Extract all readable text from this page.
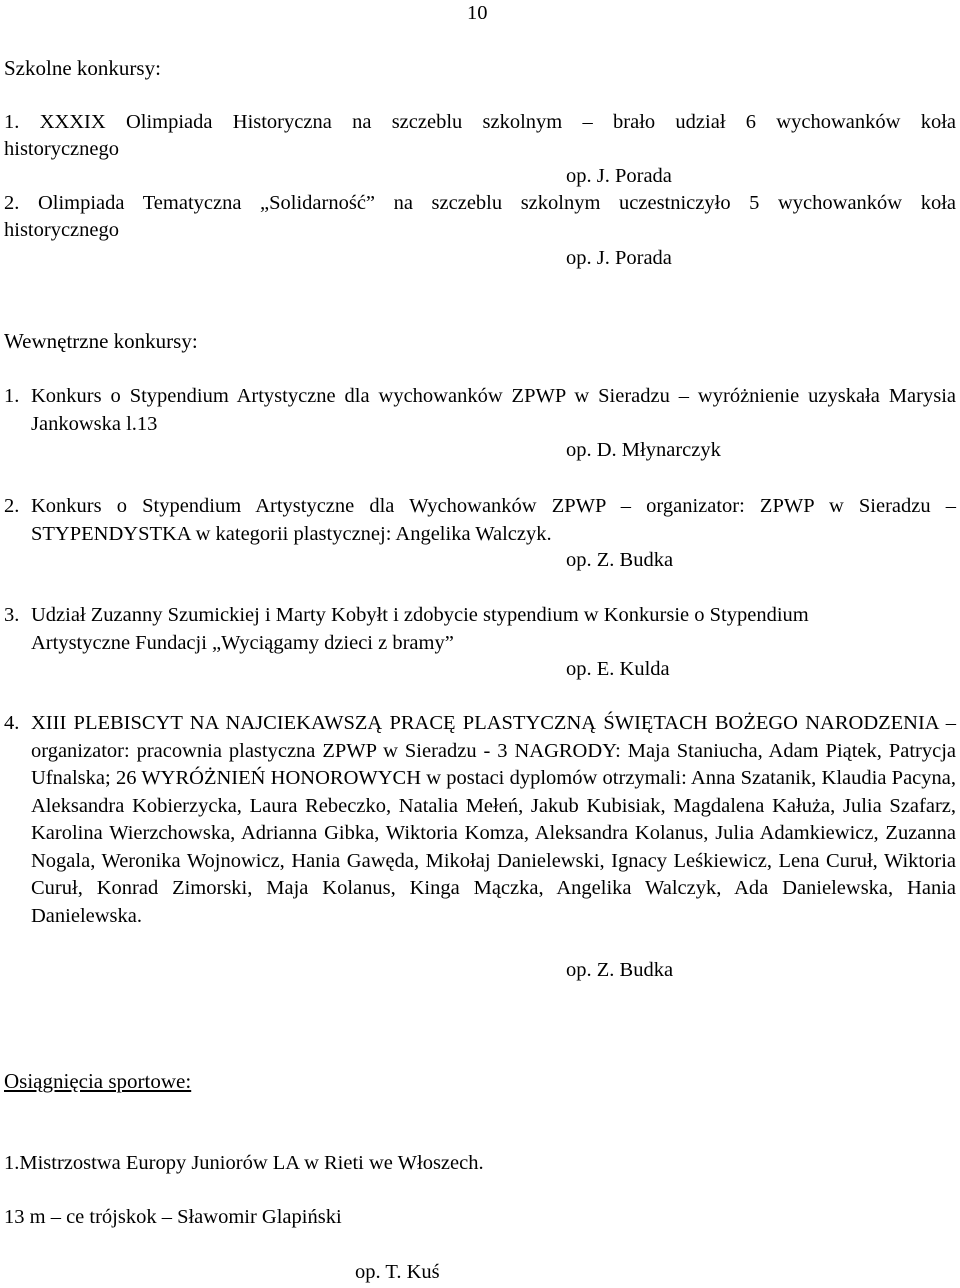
10
Szkolne konkursy:
1. XXXIX Olimpiada Historyczna na szczeblu szkolnym – brało udział 6 wychowanków koła
historycznego
op. J. Porada
2. Olimpiada Tematyczna „Solidarność” na szczeblu szkolnym uczestniczyło 5 wychowanków koła
historycznego
op. J. Porada
Wewnętrzne konkursy:
1. Konkurs o Stypendium Artystyczne dla wychowanków ZPWP w Sieradzu – wyróżnienie uzyskała Marysia Jankowska l.13
op. D. Młynarczyk
2. Konkurs o Stypendium Artystyczne dla Wychowanków ZPWP – organizator: ZPWP w Sieradzu – STYPENDYSTKA w kategorii plastycznej: Angelika Walczyk.
op. Z. Budka
3. Udział Zuzanny Szumickiej i Marty Kobyłt i zdobycie stypendium w Konkursie o Stypendium Artystyczne Fundacji „Wyciągamy dzieci z bramy”
op. E. Kulda
4. XIII PLEBISCYT NA NAJCIEKAWSZĄ PRACĘ PLASTYCZNĄ ŚWIĘTACH BOŻEGO NARODZENIA – organizator: pracownia plastyczna ZPWP w Sieradzu - 3 NAGRODY: Maja Staniucha, Adam Piątek, Patrycja Ufnalska; 26 WYRÓŻNIEŃ HONOROWYCH w postaci dyplomów otrzymali: Anna Szatanik, Klaudia Pacyna, Aleksandra Kobierzycka, Laura Rebeczko, Natalia Mełeń, Jakub Kubisiak, Magdalena Kałuża, Julia Szafarz, Karolina Wierzchowska, Adrianna Gibka, Wiktoria Komza, Aleksandra Kolanus, Julia Adamkiewicz, Zuzanna Nogala, Weronika Wojnowicz, Hania Gawęda, Mikołaj Danielewski, Ignacy Leśkiewicz, Lena Curuł, Wiktoria Curuł, Konrad Zimorski, Maja Kolanus, Kinga Mączka, Angelika Walczyk, Ada Danielewska, Hania Danielewska.
op. Z. Budka
Osiągnięcia sportowe:
1.Mistrzostwa Europy Juniorów LA w Rieti we Włoszech.
13 m – ce trójskok – Sławomir Glapiński
op. T. Kuś
